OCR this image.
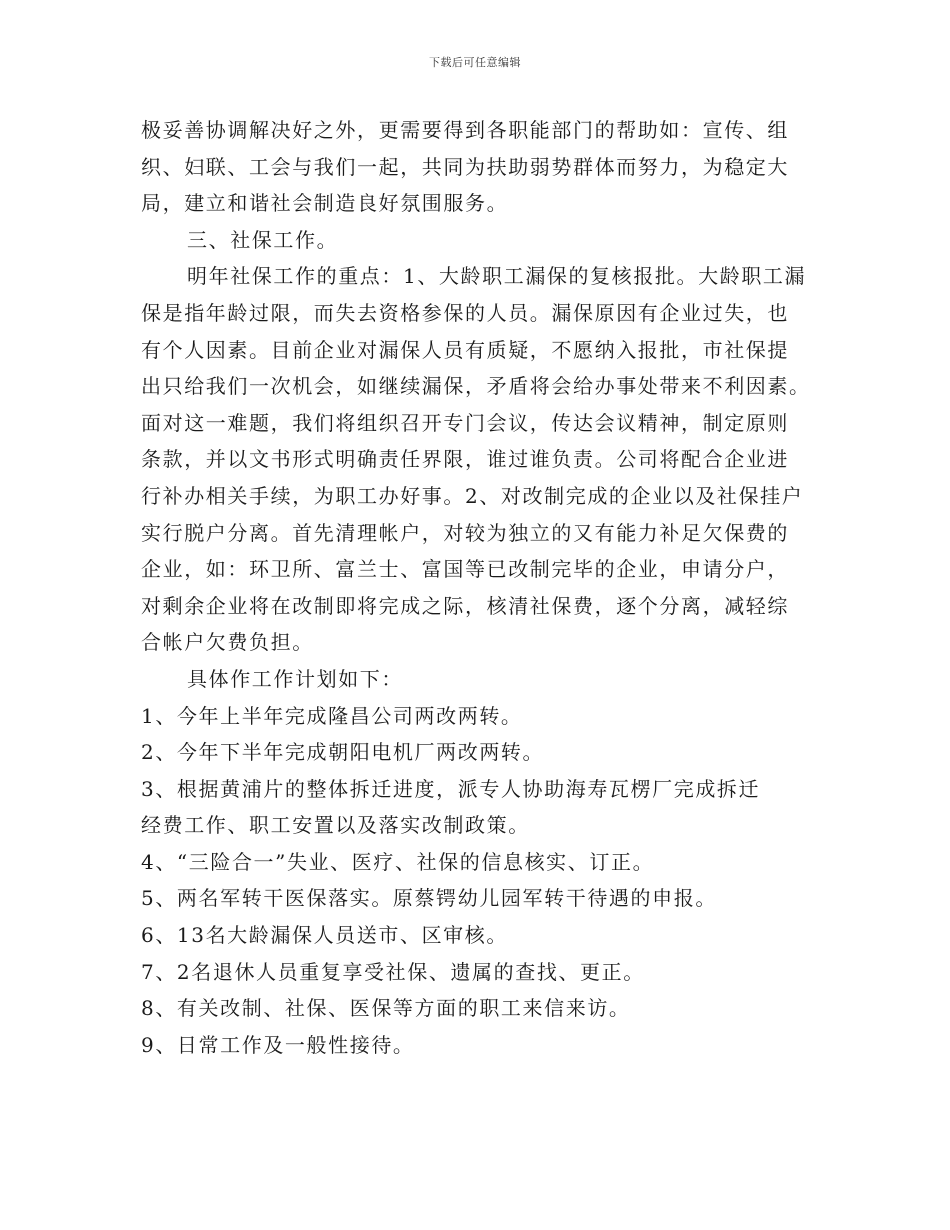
下载后可任意编辑

极妥善协调解决好之外，更需要得到各职能部门的帮助如：宣传、组

织、妇联、工会与我们一起，共同为扶助弱势群体而努力，为稳定大

局，建立和谐社会制造良好氛围服务。

三、社保工作。

明年社保工作的重点：1、大龄职工漏保的复核报批。大龄职工漏

保是指年龄过限，而失去资格参保的人员。漏保原因有企业过失，也

有个人因素。目前企业对漏保人员有质疑，不愿纳入报批，市社保提

出只给我们一次机会，如继续漏保，矛盾将会给办事处带来不利因素。

面对这一难题，我们将组织召开专门会议，传达会议精神，制定原则

条款，并以文书形式明确责任界限，谁过谁负责。公司将配合企业进

行补办相关手续，为职工办好事。2、对改制完成的企业以及社保挂户

实行脱户分离。首先清理帐户，对较为独立的又有能力补足欠保费的

企业，如：环卫所、富兰士、富国等已改制完毕的企业，申请分户，

对剩余企业将在改制即将完成之际，核清社保费，逐个分离，减轻综

合帐户欠费负担。

具体作工作计划如下：

1、今年上半年完成隆昌公司两改两转。

2、今年下半年完成朝阳电机厂两改两转。

3、根据黄浦片的整体拆迁进度，派专人协助海寿瓦楞厂完成拆迁

经费工作、职工安置以及落实改制政策。

4、“三险合一”失业、医疗、社保的信息核实、订正。

5、两名军转干医保落实。原蔡锷幼儿园军转干待遇的申报。

6、13名大龄漏保人员送市、区审核。

7、2名退休人员重复享受社保、遗属的查找、更正。

8、有关改制、社保、医保等方面的职工来信来访。

9、日常工作及一般性接待。
